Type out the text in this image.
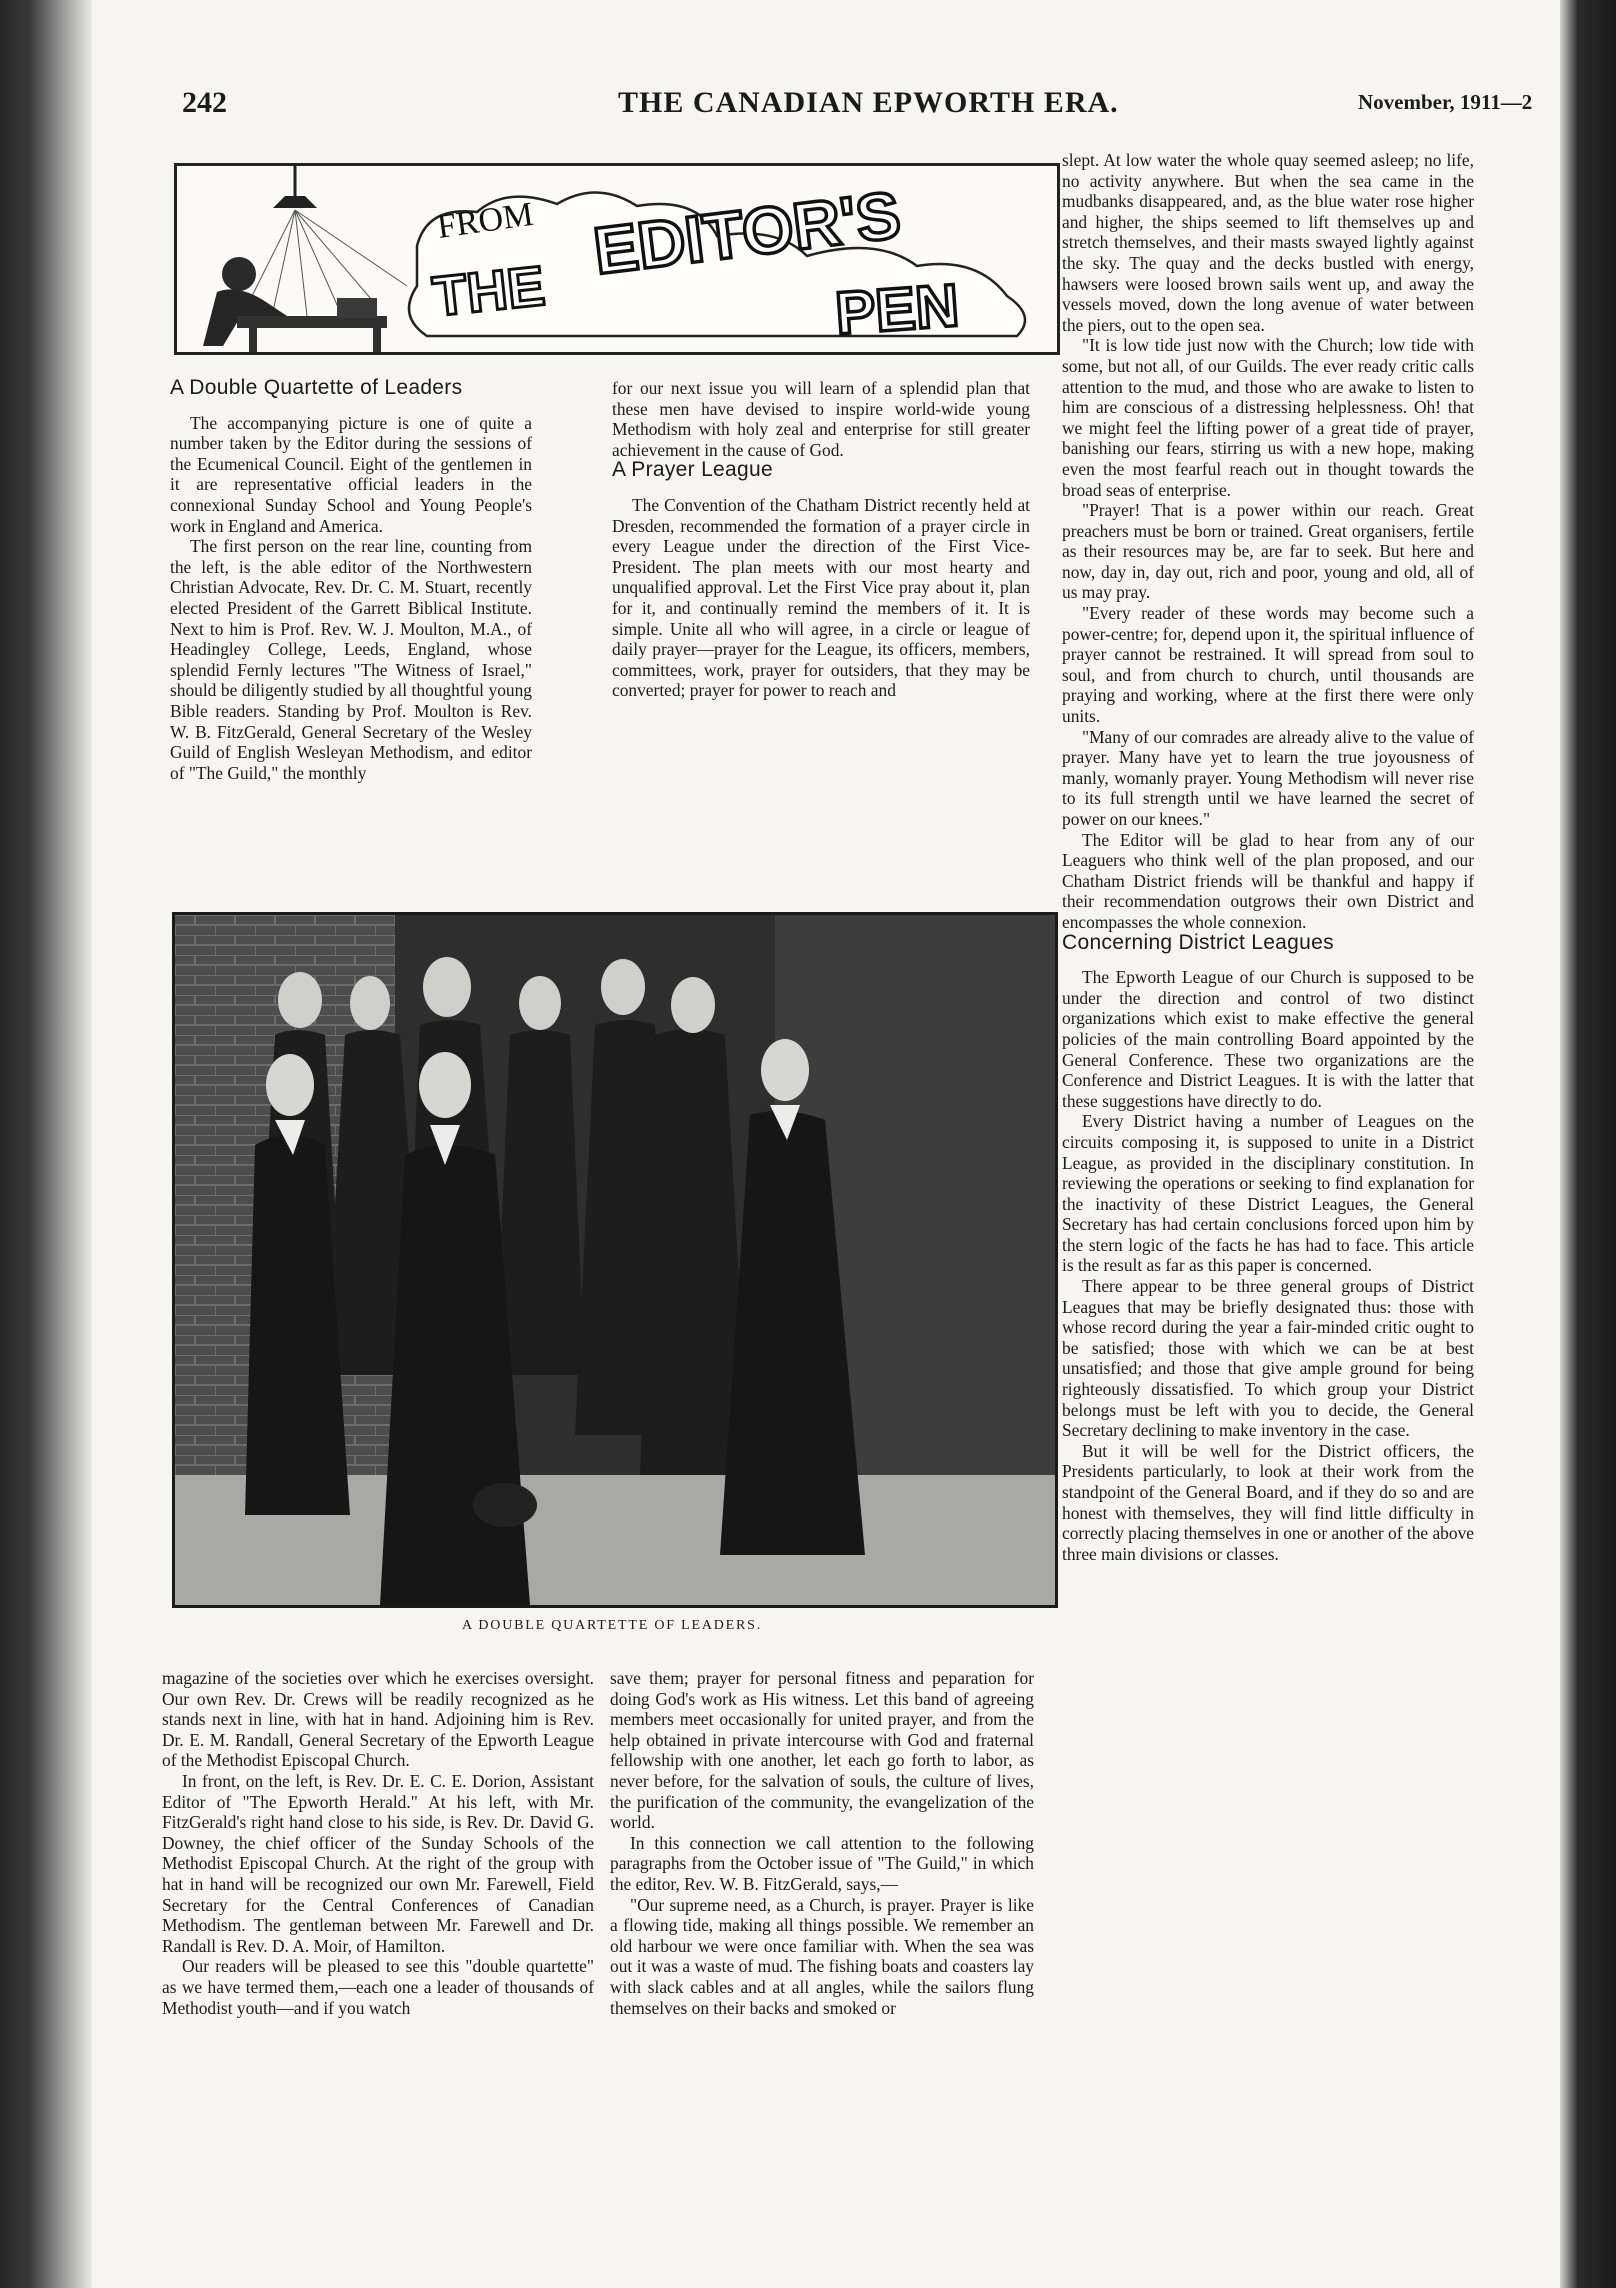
242	THE CANADIAN EPWORTH ERA.	November, 1911—2
FROM
THE
EDITOR'S
PEN
A Double Quartette of Leaders

The accompanying picture is one of quite a number taken by the Editor during the sessions of the Ecumenical Council. Eight of the gentlemen in it are representative official leaders in the connexional Sunday School and Young People's work in England and America.

The first person on the rear line, counting from the left, is the able editor of the Northwestern Christian Advocate, Rev. Dr. C. M. Stuart, recently elected President of the Garrett Biblical Institute. Next to him is Prof. Rev. W. J. Moulton, M.A., of Headingley College, Leeds, England, whose splendid Fernly lectures "The Witness of Israel," should be diligently studied by all thoughtful young Bible readers. Standing by Prof. Moulton is Rev. W. B. FitzGerald, General Secretary of the Wesley Guild of English Wesleyan Methodism, and editor of "The Guild," the monthly

for our next issue you will learn of a splendid plan that these men have devised to inspire world-wide young Methodism with holy zeal and enterprise for still greater achievement in the cause of God.

A Prayer League

The Convention of the Chatham District recently held at Dresden, recommended the formation of a prayer circle in every League under the direction of the First Vice-President. The plan meets with our most hearty and unqualified approval. Let the First Vice pray about it, plan for it, and continually remind the members of it. It is simple. Unite all who will agree, in a circle or league of daily prayer—prayer for the League, its officers, members, committees, work, prayer for outsiders, that they may be converted; prayer for power to reach and

slept. At low water the whole quay seemed asleep; no life, no activity anywhere. But when the sea came in the mudbanks disappeared, and, as the blue water rose higher and higher, the ships seemed to lift themselves up and stretch themselves, and their masts swayed lightly against the sky. The quay and the decks bustled with energy, hawsers were loosed brown sails went up, and away the vessels moved, down the long avenue of water between the piers, out to the open sea.

"It is low tide just now with the Church; low tide with some, but not all, of our Guilds. The ever ready critic calls attention to the mud, and those who are awake to listen to him are conscious of a distressing helplessness. Oh! that we might feel the lifting power of a great tide of prayer, banishing our fears, stirring us with a new hope, making even the most fearful reach out in thought towards the broad seas of enterprise.

"Prayer! That is a power within our reach. Great preachers must be born or trained. Great organisers, fertile as their resources may be, are far to seek. But here and now, day in, day out, rich and poor, young and old, all of us may pray.

"Every reader of these words may become such a power-centre; for, depend upon it, the spiritual influence of prayer cannot be restrained. It will spread from soul to soul, and from church to church, until thousands are praying and working, where at the first there were only units.

"Many of our comrades are already alive to the value of prayer. Many have yet to learn the true joyousness of manly, womanly prayer. Young Methodism will never rise to its full strength until we have learned the secret of power on our knees."

The Editor will be glad to hear from any of our Leaguers who think well of the plan proposed, and our Chatham District friends will be thankful and happy if their recommendation outgrows their own District and encompasses the whole connexion.

Concerning District Leagues

The Epworth League of our Church is supposed to be under the direction and control of two distinct organizations which exist to make effective the general policies of the main controlling Board appointed by the General Conference. These two organizations are the Conference and District Leagues. It is with the latter that these suggestions have directly to do.

Every District having a number of Leagues on the circuits composing it, is supposed to unite in a District League, as provided in the disciplinary constitution. In reviewing the operations or seeking to find explanation for the inactivity of these District Leagues, the General Secretary has had certain conclusions forced upon him by the stern logic of the facts he has had to face. This article is the result as far as this paper is concerned.

There appear to be three general groups of District Leagues that may be briefly designated thus: those with whose record during the year a fair-minded critic ought to be satisfied; those with which we can be at best unsatisfied; and those that give ample ground for being righteously dissatisfied. To which group your District belongs must be left with you to decide, the General Secretary declining to make inventory in the case.

But it will be well for the District officers, the Presidents particularly, to look at their work from the standpoint of the General Board, and if they do so and are honest with themselves, they will find little difficulty in correctly placing themselves in one or another of the above three main divisions or classes.

A DOUBLE QUARTETTE OF LEADERS.

magazine of the societies over which he exercises oversight. Our own Rev. Dr. Crews will be readily recognized as he stands next in line, with hat in hand. Adjoining him is Rev. Dr. E. M. Randall, General Secretary of the Epworth League of the Methodist Episcopal Church.

In front, on the left, is Rev. Dr. E. C. E. Dorion, Assistant Editor of "The Epworth Herald." At his left, with Mr. FitzGerald's right hand close to his side, is Rev. Dr. David G. Downey, the chief officer of the Sunday Schools of the Methodist Episcopal Church. At the right of the group with hat in hand will be recognized our own Mr. Farewell, Field Secretary for the Central Conferences of Canadian Methodism. The gentleman between Mr. Farewell and Dr. Randall is Rev. D. A. Moir, of Hamilton.

Our readers will be pleased to see this "double quartette" as we have termed them,—each one a leader of thousands of Methodist youth—and if you watch

save them; prayer for personal fitness and peparation for doing God's work as His witness. Let this band of agreeing members meet occasionally for united prayer, and from the help obtained in private intercourse with God and fraternal fellowship with one another, let each go forth to labor, as never before, for the salvation of souls, the culture of lives, the purification of the community, the evangelization of the world.

In this connection we call attention to the following paragraphs from the October issue of "The Guild," in which the editor, Rev. W. B. FitzGerald, says,—

"Our supreme need, as a Church, is prayer. Prayer is like a flowing tide, making all things possible. We remember an old harbour we were once familiar with. When the sea was out it was a waste of mud. The fishing boats and coasters lay with slack cables and at all angles, while the sailors flung themselves on their backs and smoked or
